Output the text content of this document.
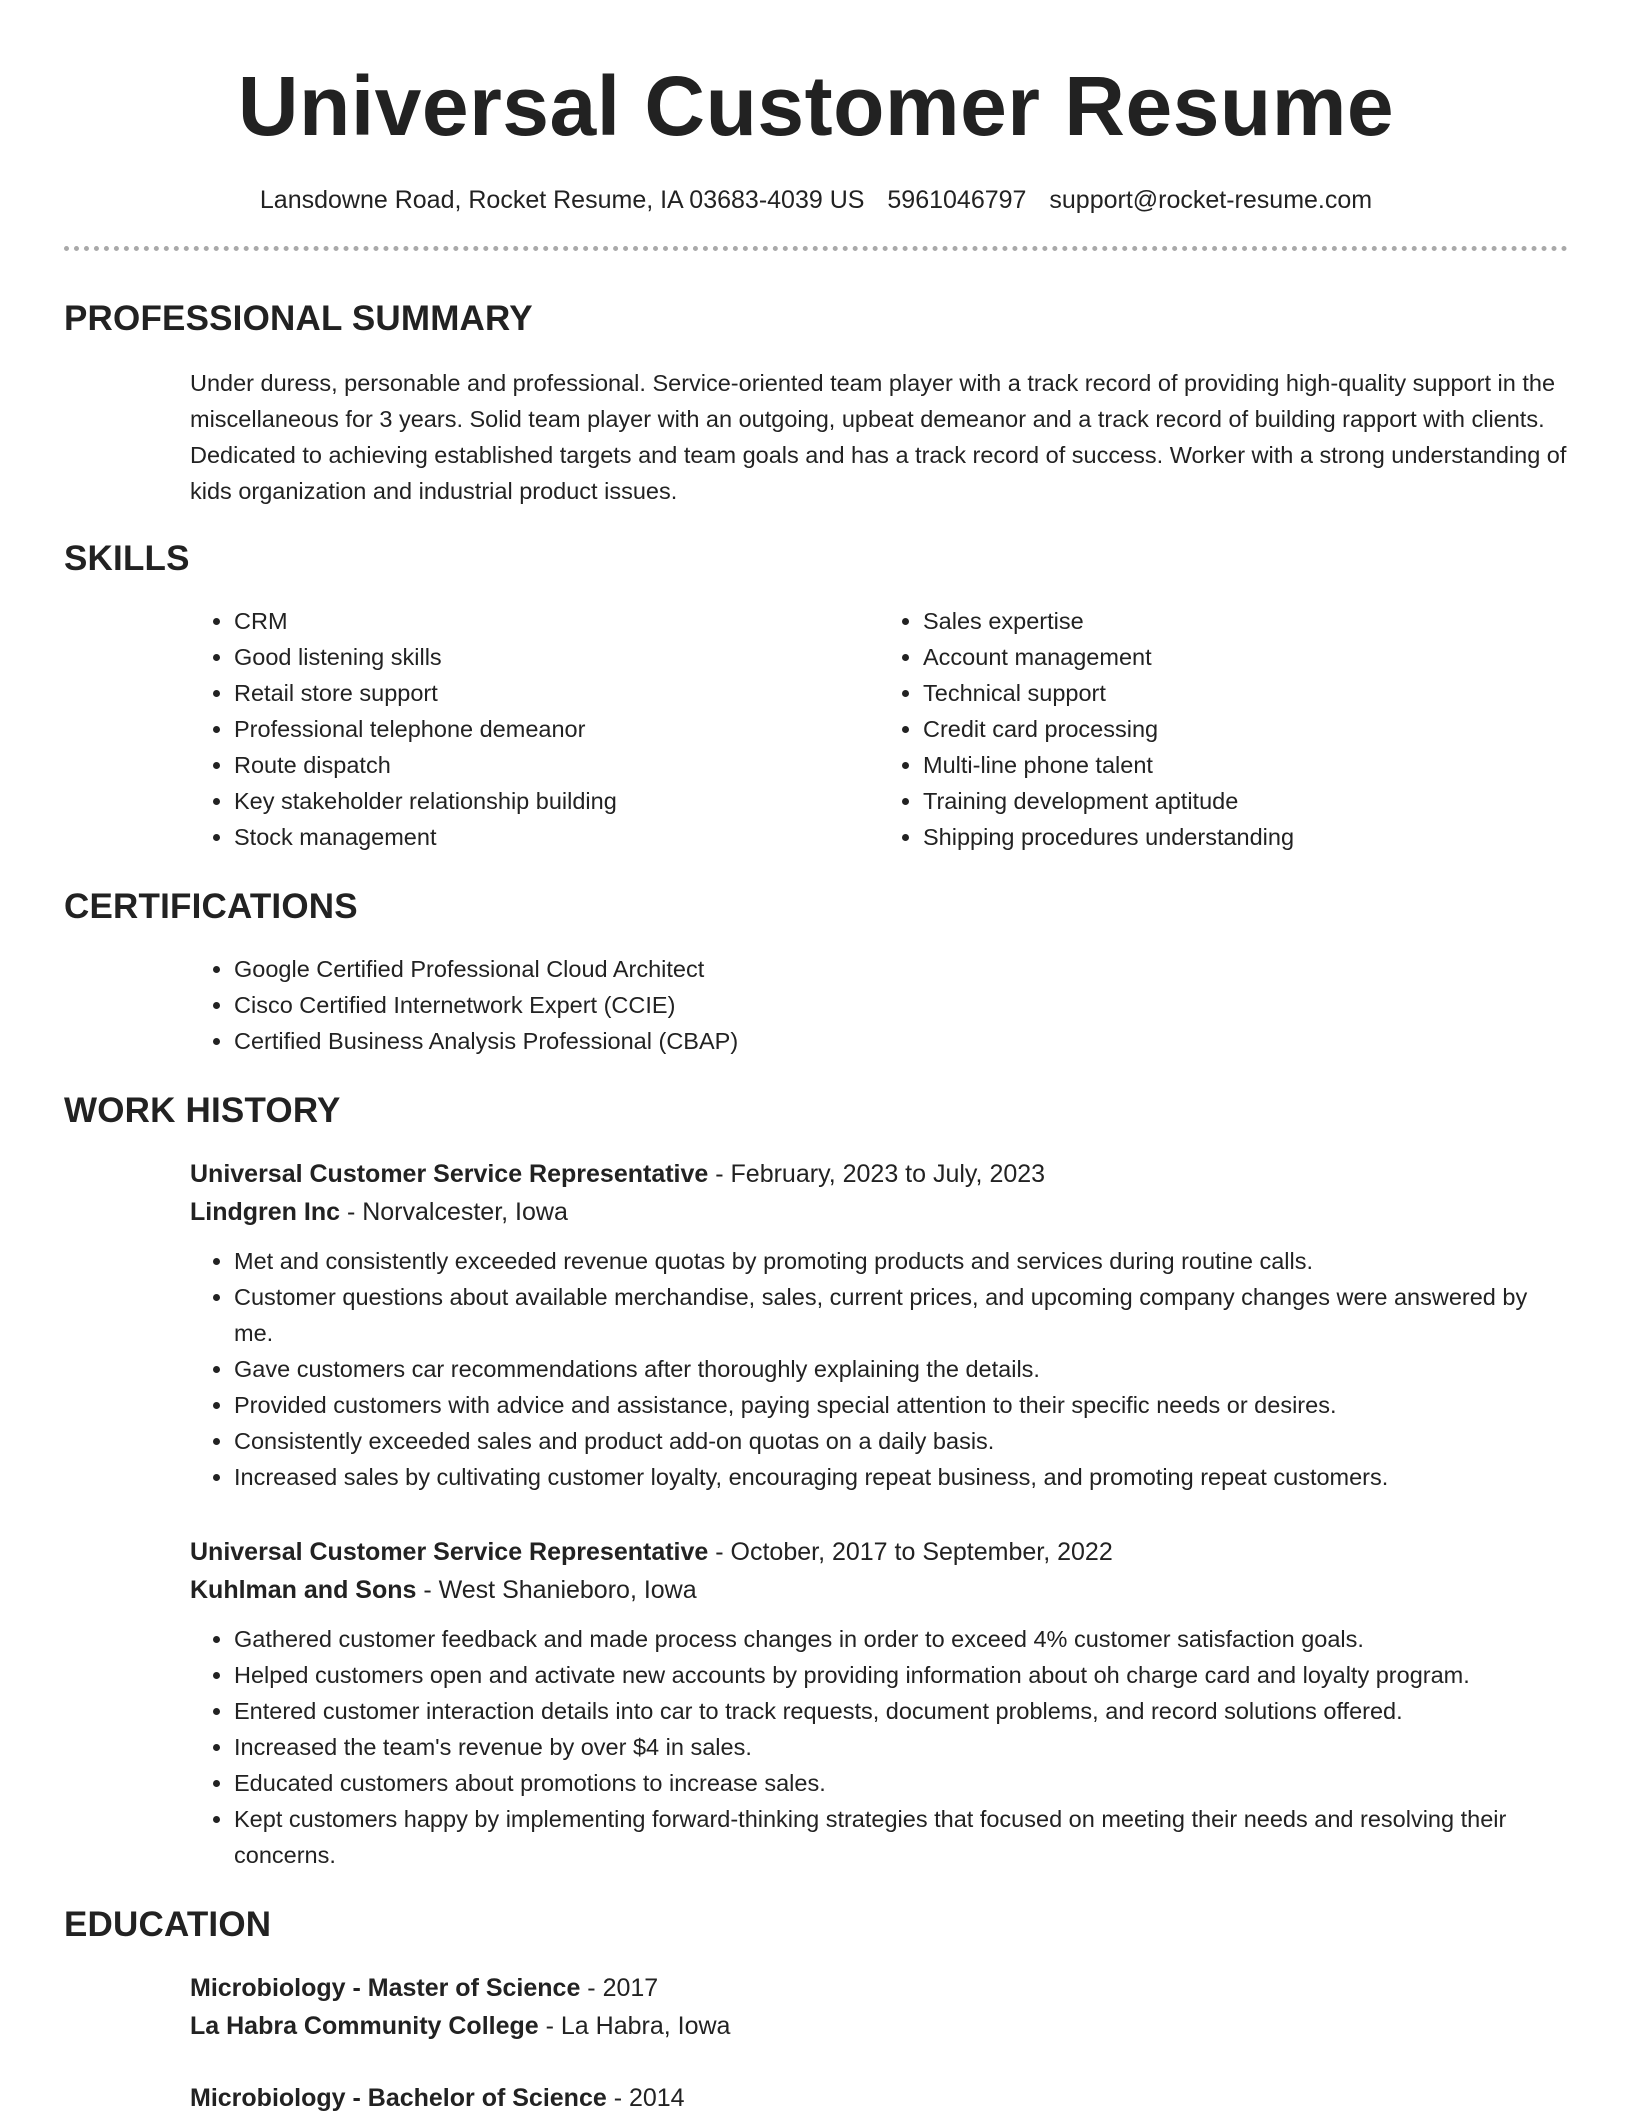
Universal Customer Resume
Lansdowne Road, Rocket Resume, IA 03683-4039 US 5961046797 support@rocket-resume.com
PROFESSIONAL SUMMARY
Under duress, personable and professional. Service-oriented team player with a track record of providing high-quality support in the miscellaneous for 3 years. Solid team player with an outgoing, upbeat demeanor and a track record of building rapport with clients. Dedicated to achieving established targets and team goals and has a track record of success. Worker with a strong understanding of kids organization and industrial product issues.
SKILLS
• CRM
• Good listening skills
• Retail store support
• Professional telephone demeanor
• Route dispatch
• Key stakeholder relationship building
• Stock management
• Sales expertise
• Account management
• Technical support
• Credit card processing
• Multi-line phone talent
• Training development aptitude
• Shipping procedures understanding
CERTIFICATIONS
• Google Certified Professional Cloud Architect
• Cisco Certified Internetwork Expert (CCIE)
• Certified Business Analysis Professional (CBAP)
WORK HISTORY
Universal Customer Service Representative - February, 2023 to July, 2023
Lindgren Inc - Norvalcester, Iowa
• Met and consistently exceeded revenue quotas by promoting products and services during routine calls.
• Customer questions about available merchandise, sales, current prices, and upcoming company changes were answered by me.
• Gave customers car recommendations after thoroughly explaining the details.
• Provided customers with advice and assistance, paying special attention to their specific needs or desires.
• Consistently exceeded sales and product add-on quotas on a daily basis.
• Increased sales by cultivating customer loyalty, encouraging repeat business, and promoting repeat customers.
Universal Customer Service Representative - October, 2017 to September, 2022
Kuhlman and Sons - West Shanieboro, Iowa
• Gathered customer feedback and made process changes in order to exceed 4% customer satisfaction goals.
• Helped customers open and activate new accounts by providing information about oh charge card and loyalty program.
• Entered customer interaction details into car to track requests, document problems, and record solutions offered.
• Increased the team's revenue by over $4 in sales.
• Educated customers about promotions to increase sales.
• Kept customers happy by implementing forward-thinking strategies that focused on meeting their needs and resolving their concerns.
EDUCATION
Microbiology - Master of Science - 2017
La Habra Community College - La Habra, Iowa
Microbiology - Bachelor of Science - 2014
